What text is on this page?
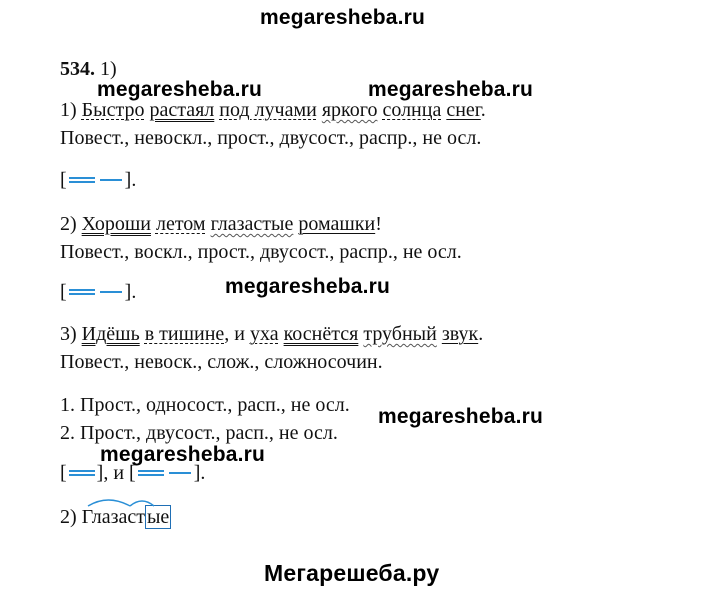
megaresheba.ru
megaresheba.ru	megaresheba.ru
megaresheba.ru
megaresheba.ru
megaresheba.ru
Мегарешеба.ру
534. 1)
1) Быстро растаял под лучами яркого солнца снег.
Повест., невоскл., прост., двусост., распр., не осл.
[	].
2) Хороши летом глазастые ромашки!
Повест., воскл., прост., двусост., распр., не осл.
[	].
3) Идёшь в тишине, и уха коснётся трубный звук.
Повест., невоск., слож., сложносочин.
1. Прост., односост., расп., не осл.
2. Прост., двусост., расп., не осл.
[ ], и [	].
2) Глазаст ые
